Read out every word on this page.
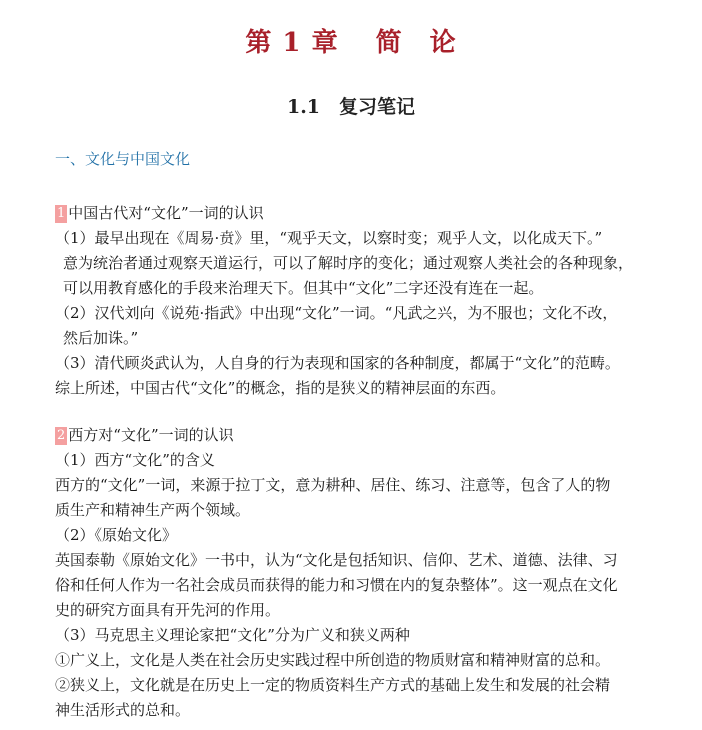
第 1 章　 简　论
1.1　复习笔记
一、文化与中国文化
1 中国古代对“文化”一词的认识
（1）最早出现在《周易·贲》里，“观乎天文，以察时变；观乎人文，以化成天下。”
意为统治者通过观察天道运行，可以了解时序的变化；通过观察人类社会的各种现象，
可以用教育感化的手段来治理天下。但其中“文化”二字还没有连在一起。
（2）汉代刘向《说苑·指武》中出现“文化”一词。“凡武之兴，为不服也；文化不改，
然后加诛。”
（3）清代顾炎武认为，人自身的行为表现和国家的各种制度，都属于“文化”的范畴。
综上所述，中国古代“文化”的概念，指的是狭义的精神层面的东西。
2 西方对“文化”一词的认识
（1）西方“文化”的含义
西方的“文化”一词，来源于拉丁文，意为耕种、居住、练习、注意等，包含了人的物
质生产和精神生产两个领域。
（2）《原始文化》
英国泰勒《原始文化》一书中，认为“文化是包括知识、信仰、艺术、道德、法律、习
俗和任何人作为一名社会成员而获得的能力和习惯在内的复杂整体”。这一观点在文化
史的研究方面具有开先河的作用。
（3）马克思主义理论家把“文化”分为广义和狭义两种
①广义上，文化是人类在社会历史实践过程中所创造的物质财富和精神财富的总和。
②狭义上，文化就是在历史上一定的物质资料生产方式的基础上发生和发展的社会精
神生活形式的总和。
